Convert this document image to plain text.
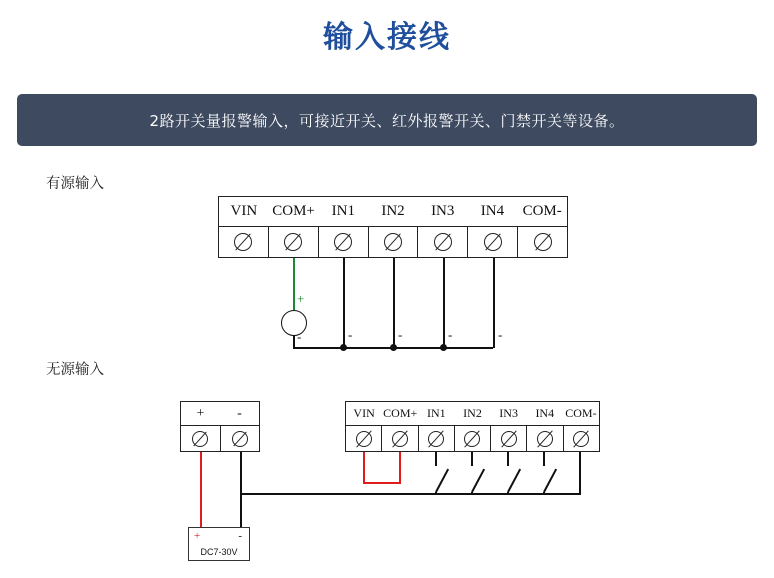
输入接线
2路开关量报警输入，可接近开关、红外报警开关、门禁开关等设备。
有源输入
VIN	COM+	IN1	IN2	IN3	IN4	COM-
+
-	-	-	-	-
无源输入
+	-	VIN COM+ IN1	IN2	IN3	IN4 COM-
+	-
DC7-30V
